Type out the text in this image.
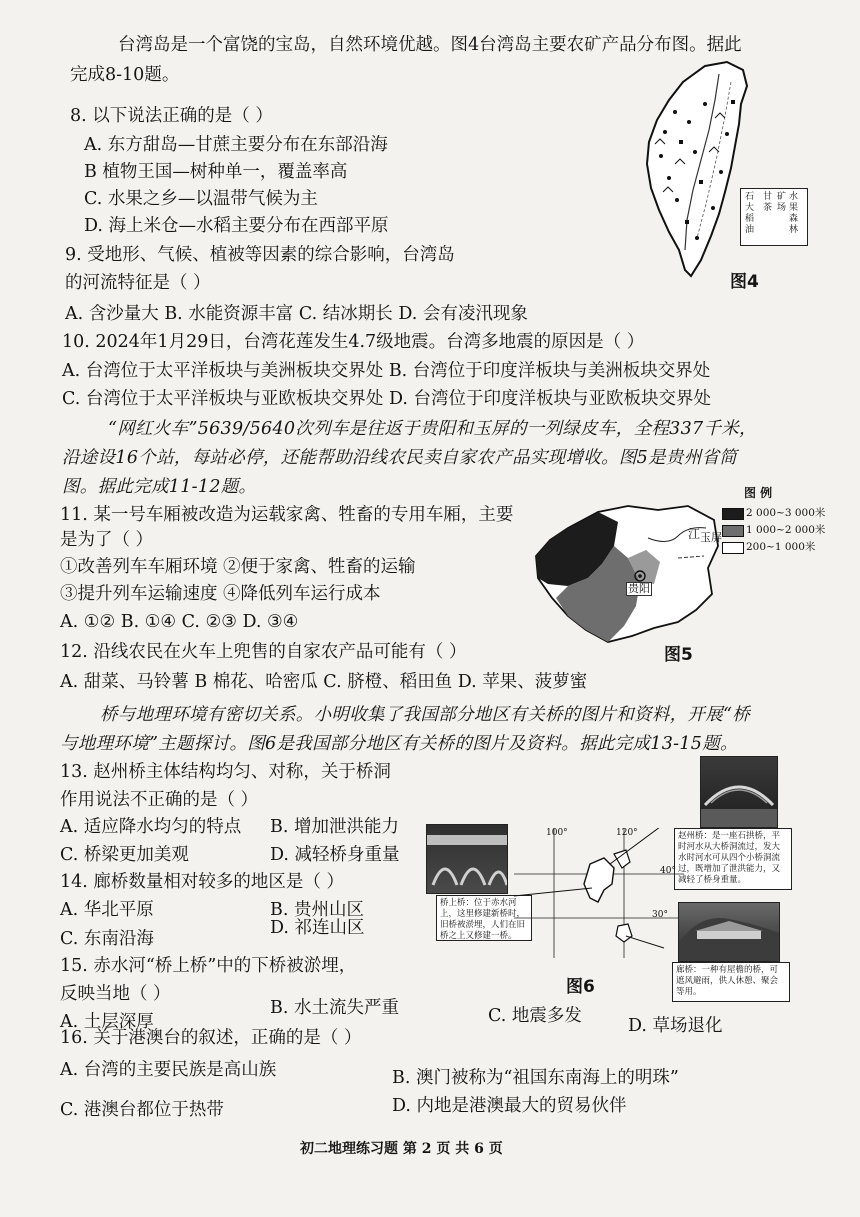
台湾岛是一个富饶的宝岛，自然环境优越。图4台湾岛主要农矿产品分布图。据此
完成8-10题。
8. 以下说法正确的是（ ）
A. 东方甜岛—甘蔗主要分布在东部沿海
B 植物王国—树种单一，覆盖率高
C. 水果之乡—以温带气候为主
D. 海上米仓—水稻主要分布在西部平原
9. 受地形、气候、植被等因素的综合影响，台湾岛
的河流特征是（ ）
A. 含沙量大 B. 水能资源丰富 C. 结冰期长 D. 会有凌汛现象
石
大
稻
油
甘
茶
水
果
森
林
矿
场
图4
10. 2024年1月29日，台湾花莲发生4.7级地震。台湾多地震的原因是（ ）
A. 台湾位于太平洋板块与美洲板块交界处 B. 台湾位于印度洋板块与美洲板块交界处
C. 台湾位于太平洋板块与亚欧板块交界处 D. 台湾位于印度洋板块与亚欧板块交界处
“网红火车”5639/5640次列车是往返于贵阳和玉屏的一列绿皮车，全程337千米，
沿途设16个站，每站必停，还能帮助沿线农民卖自家农产品实现增收。图5是贵州省简
图。据此完成11-12题。
11. 某一号车厢被改造为运载家禽、牲畜的专用车厢，主要
是为了（ ）
①改善列车车厢环境 ②便于家禽、牲畜的运输
③提升列车运输速度 ④降低列车运行成本
A. ①② B. ①④ C. ②③ D. ③④
贵阳
江 玉屏
图 例
2 000~3 000米
1 000~2 000米
200~1 000米
图5
12. 沿线农民在火车上兜售的自家农产品可能有（ ）
A. 甜菜、马铃薯 B 棉花、哈密瓜 C. 脐橙、稻田鱼 D. 苹果、菠萝蜜
桥与地理环境有密切关系。小明收集了我国部分地区有关桥的图片和资料，开展“桥
与地理环境”主题探讨。图6是我国部分地区有关桥的图片及资料。据此完成13-15题。
13. 赵州桥主体结构均匀、对称，关于桥洞
作用说法不正确的是（ ）
A. 适应降水均匀的特点 B. 增加泄洪能力
C. 桥梁更加美观	D. 减轻桥身重量
14. 廊桥数量相对较多的地区是（ ）
A. 华北平原	B. 贵州山区
C. 东南沿海
D. 祁连山区
15. 赤水河“桥上桥”中的下桥被淤埋，
反映当地（ ）
A. 土层深厚
B. 水土流失严重	C. 地震多发	D. 草场退化
赵州桥：是一座石拱桥，平时河水从大桥洞流过，发大水时河水可从四个小桥洞流过，既增加了泄洪能力，又减轻了桥身重量。
桥上桥：位于赤水河上，这里修建新桥时，旧桥被淤埋，人们在旧桥之上又修建一桥。
100°	120°
40°
30°
廊桥：一种有屋檐的桥，可遮风避雨，供人休憩、聚会等用。
图6
16. 关于港澳台的叙述，正确的是（ ）
A. 台湾的主要民族是高山族	B. 澳门被称为“祖国东南海上的明珠”
C. 港澳台都位于热带	D. 内地是港澳最大的贸易伙伴
初二地理练习题 第 2 页 共 6 页
